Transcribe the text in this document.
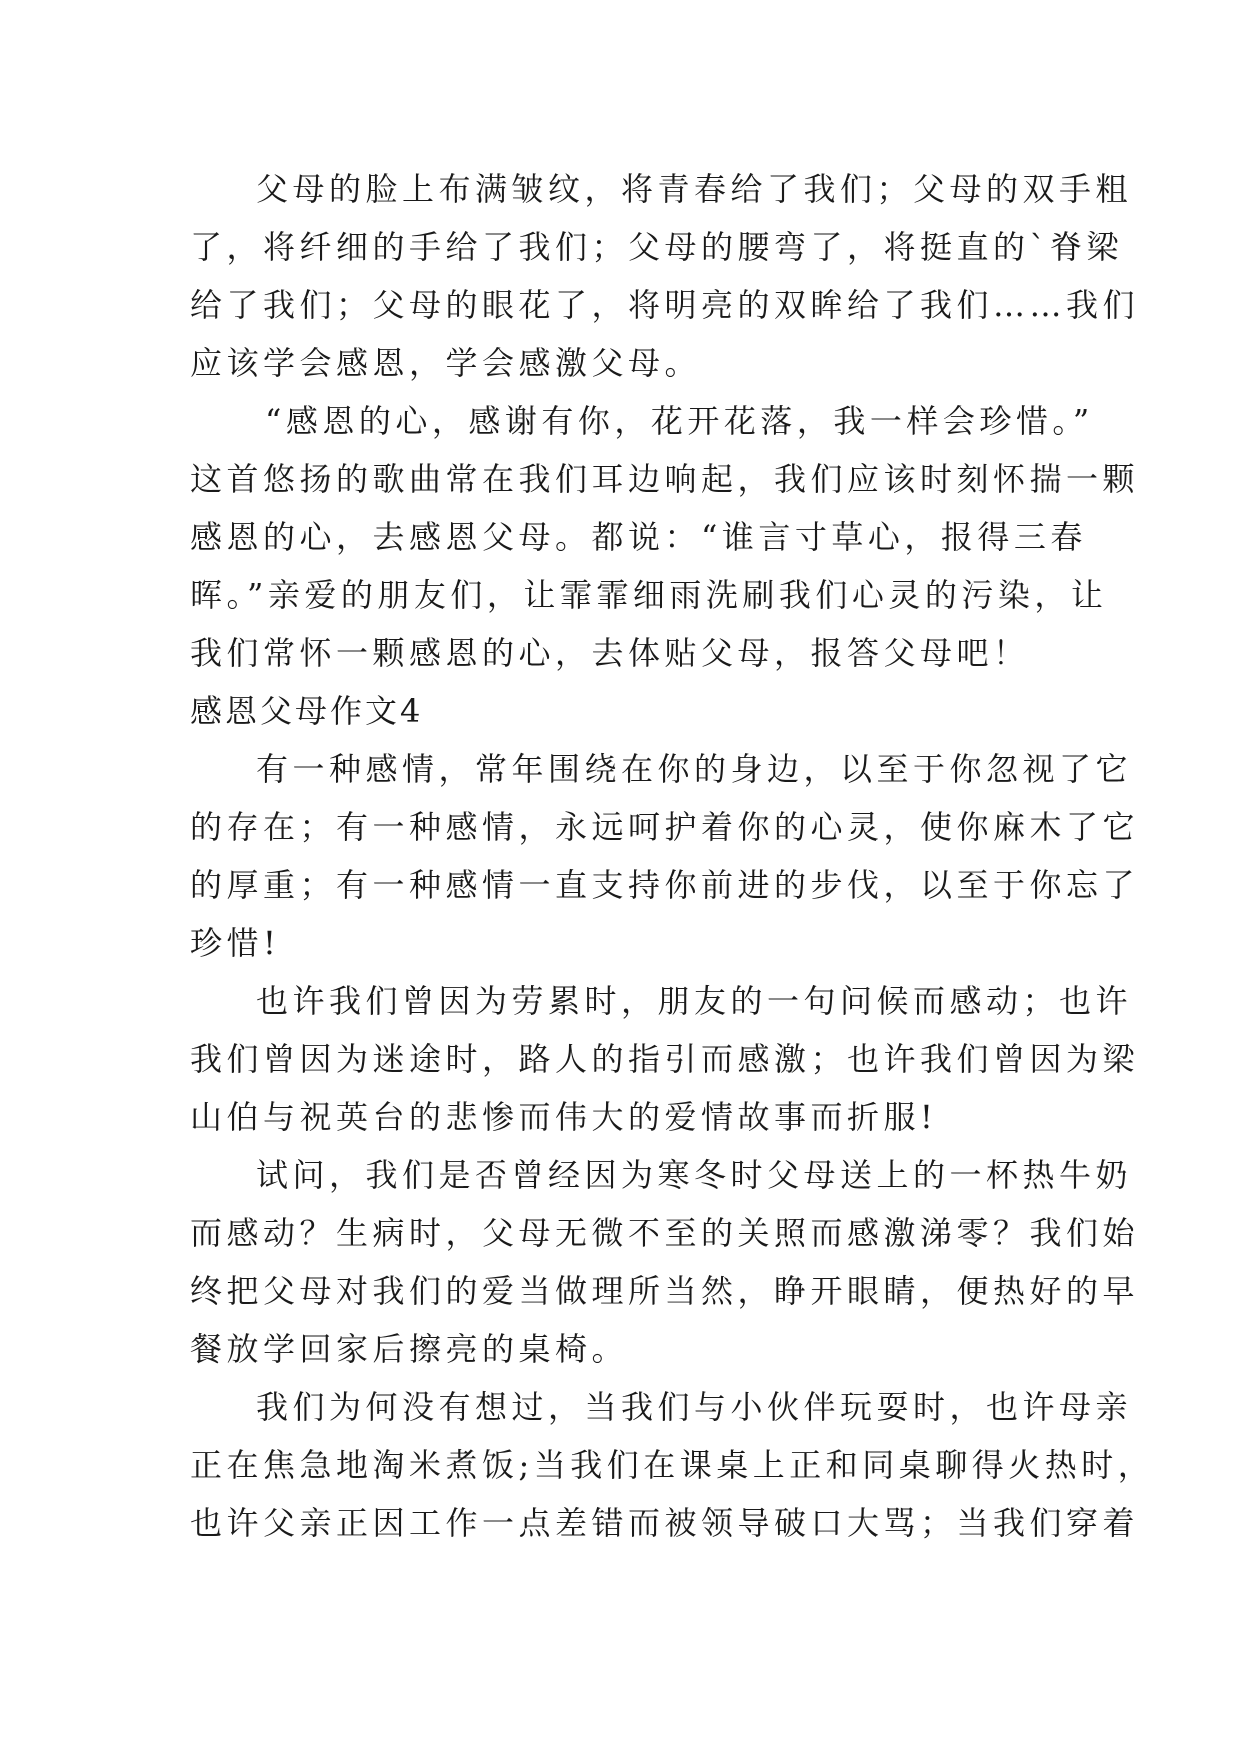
父母的脸上布满皱纹，将青春给了我们；父母的双手粗
了，将纤细的手给了我们；父母的腰弯了，将挺直的`脊梁
给了我们；父母的眼花了，将明亮的双眸给了我们……我们
应该学会感恩，学会感激父母。
“感恩的心，感谢有你，花开花落，我一样会珍惜。”
这首悠扬的歌曲常在我们耳边响起，我们应该时刻怀揣一颗
感恩的心，去感恩父母。都说：“谁言寸草心，报得三春
晖。”亲爱的朋友们，让霏霏细雨洗刷我们心灵的污染，让
我们常怀一颗感恩的心，去体贴父母，报答父母吧！
感恩父母作文4
有一种感情，常年围绕在你的身边，以至于你忽视了它
的存在；有一种感情，永远呵护着你的心灵，使你麻木了它
的厚重；有一种感情一直支持你前进的步伐，以至于你忘了
珍惜!
也许我们曾因为劳累时，朋友的一句问候而感动；也许
我们曾因为迷途时，路人的指引而感激；也许我们曾因为梁
山伯与祝英台的悲惨而伟大的爱情故事而折服!
试问，我们是否曾经因为寒冬时父母送上的一杯热牛奶
而感动？生病时，父母无微不至的关照而感激涕零？我们始
终把父母对我们的爱当做理所当然，睁开眼睛，便热好的早
餐放学回家后擦亮的桌椅。
我们为何没有想过，当我们与小伙伴玩耍时，也许母亲
正在焦急地淘米煮饭;当我们在课桌上正和同桌聊得火热时，
也许父亲正因工作一点差错而被领导破口大骂；当我们穿着
